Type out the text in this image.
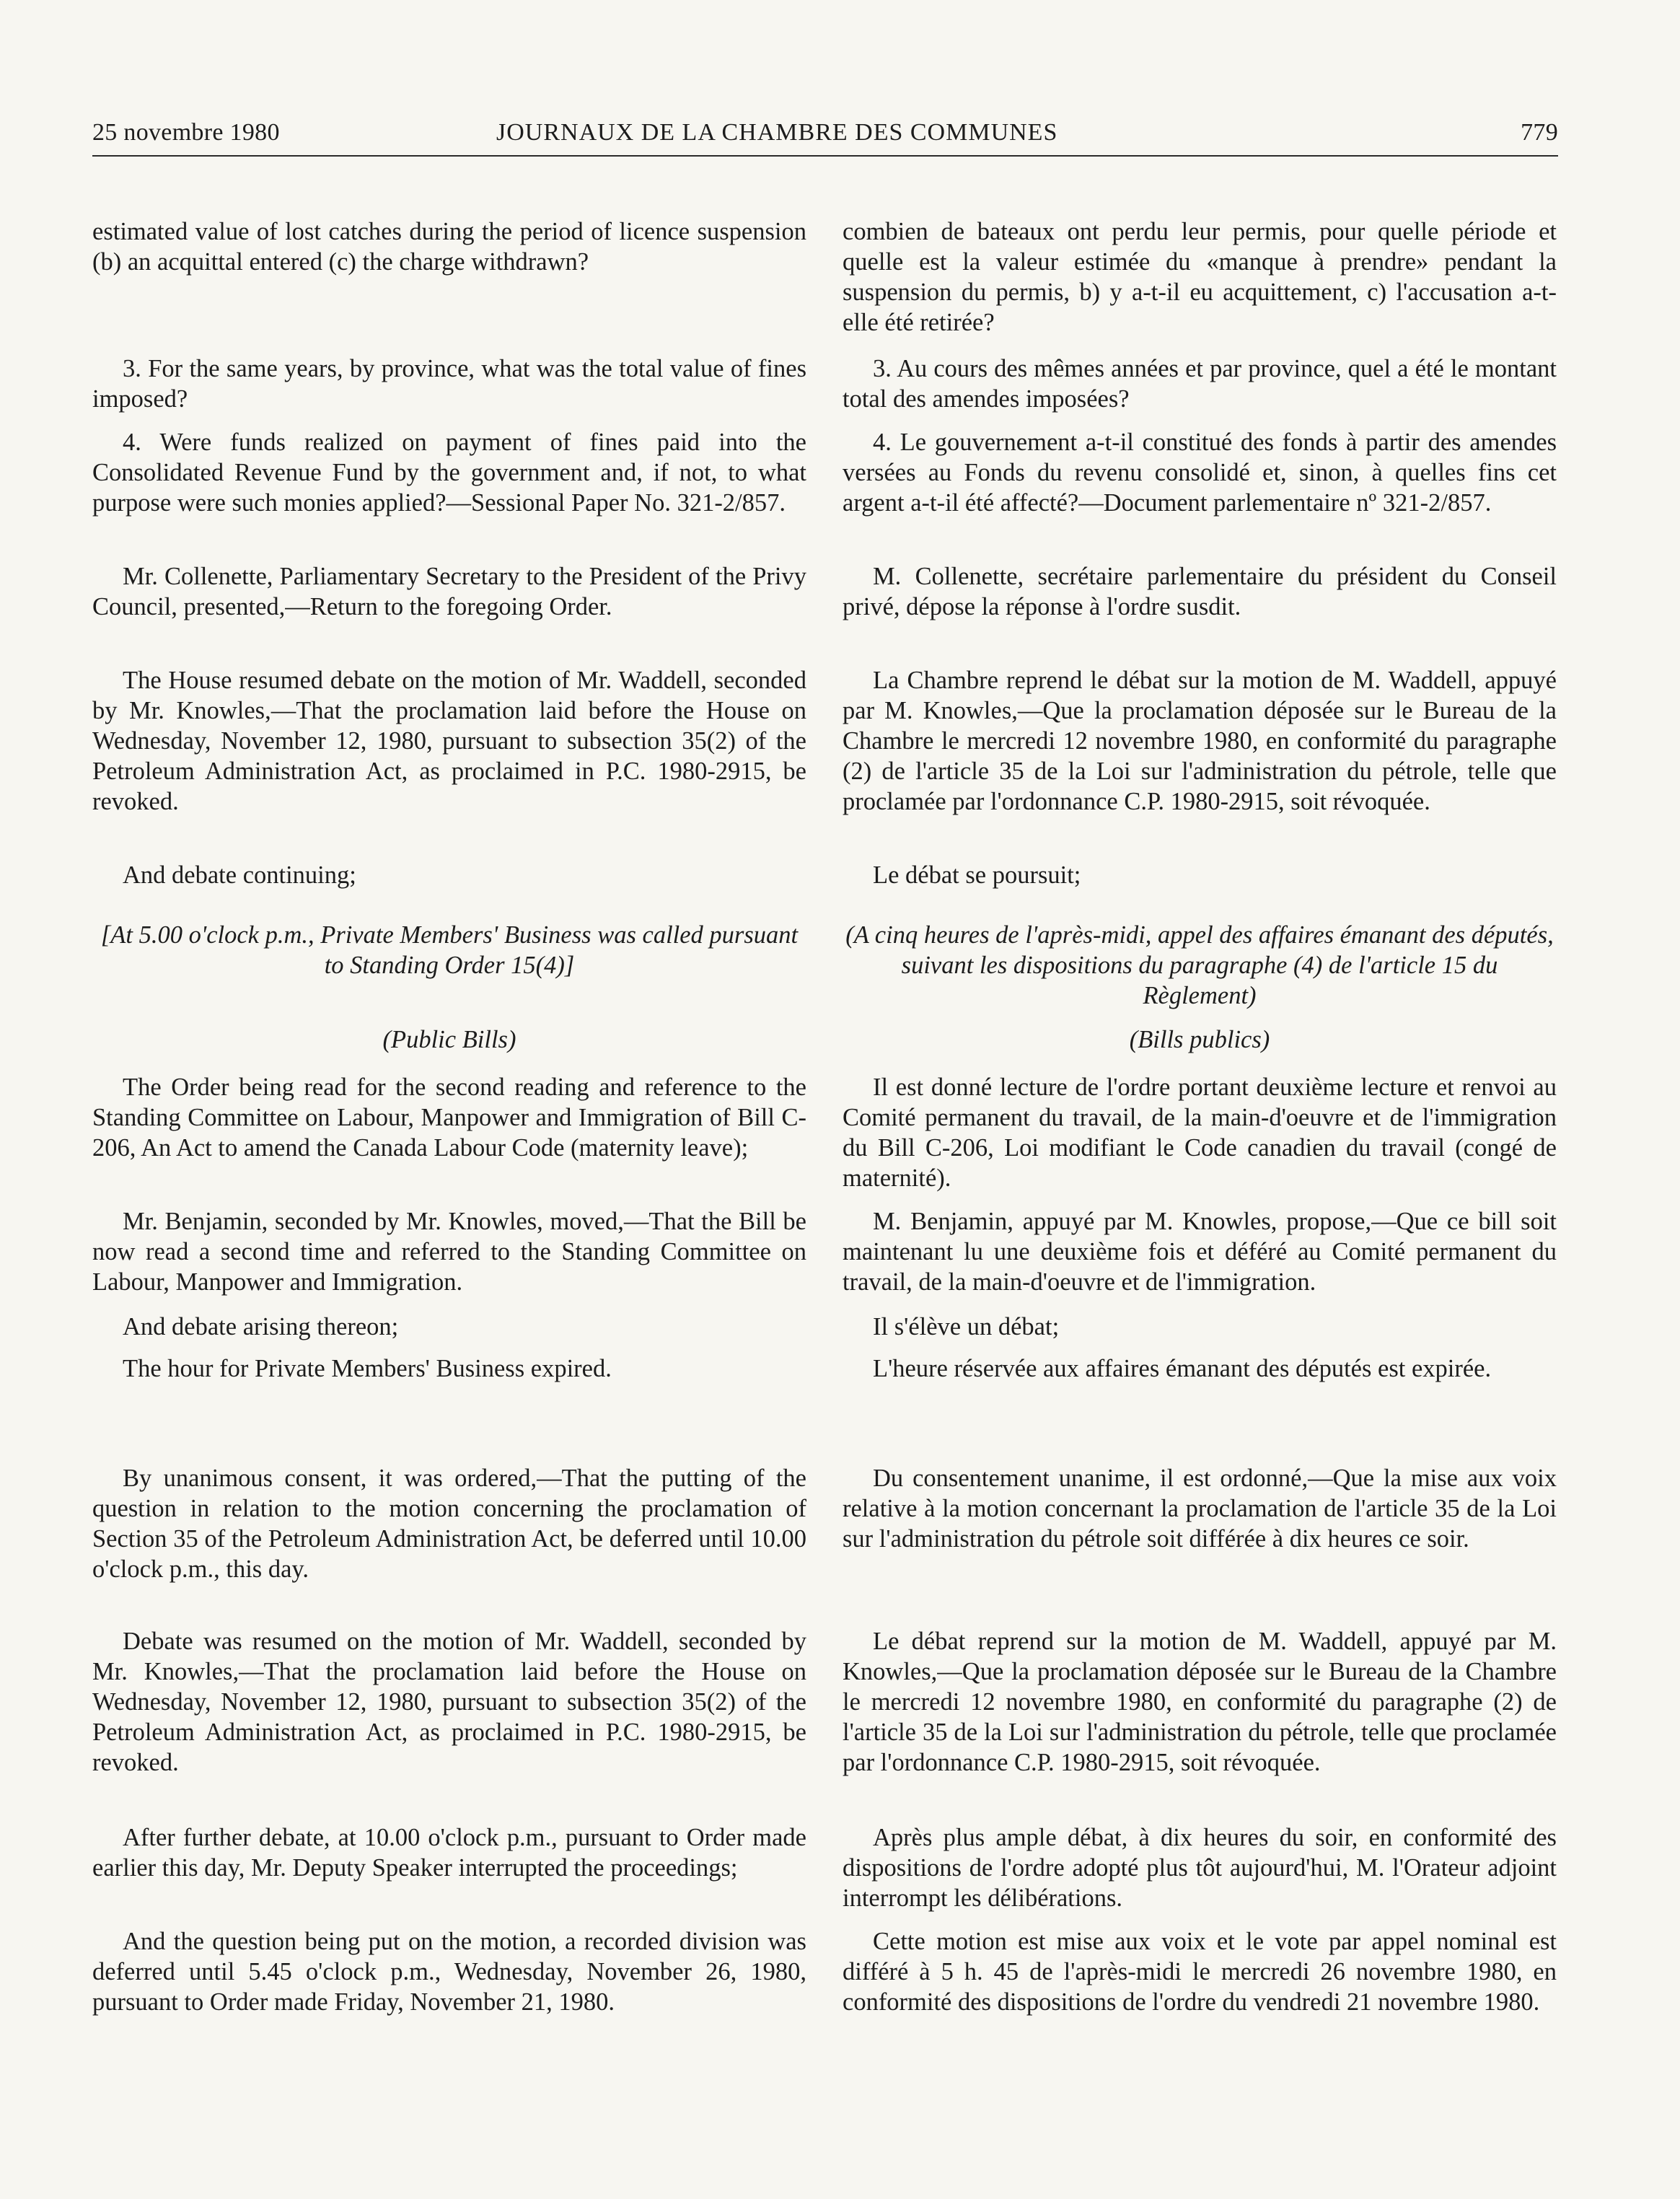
25 novembre 1980	JOURNAUX DE LA CHAMBRE DES COMMUNES	779

estimated value of lost catches during the period of licence suspension (b) an acquittal entered (c) the charge withdrawn?

3. For the same years, by province, what was the total value of fines imposed?

4. Were funds realized on payment of fines paid into the Consolidated Revenue Fund by the government and, if not, to what purpose were such monies applied?—Sessional Paper No. 321-2/857.

Mr. Collenette, Parliamentary Secretary to the President of the Privy Council, presented,—Return to the foregoing Order.

The House resumed debate on the motion of Mr. Waddell, seconded by Mr. Knowles,—That the proclamation laid before the House on Wednesday, November 12, 1980, pursuant to subsection 35(2) of the Petroleum Administration Act, as proclaimed in P.C. 1980-2915, be revoked.

And debate continuing;

[At 5.00 o'clock p.m., Private Members' Business was called pursuant to Standing Order 15(4)]

(Public Bills)

The Order being read for the second reading and reference to the Standing Committee on Labour, Manpower and Immigration of Bill C-206, An Act to amend the Canada Labour Code (maternity leave);

Mr. Benjamin, seconded by Mr. Knowles, moved,—That the Bill be now read a second time and referred to the Standing Committee on Labour, Manpower and Immigration.

And debate arising thereon;

The hour for Private Members' Business expired.

By unanimous consent, it was ordered,—That the putting of the question in relation to the motion concerning the proclamation of Section 35 of the Petroleum Administration Act, be deferred until 10.00 o'clock p.m., this day.

Debate was resumed on the motion of Mr. Waddell, seconded by Mr. Knowles,—That the proclamation laid before the House on Wednesday, November 12, 1980, pursuant to subsection 35(2) of the Petroleum Administration Act, as proclaimed in P.C. 1980-2915, be revoked.

After further debate, at 10.00 o'clock p.m., pursuant to Order made earlier this day, Mr. Deputy Speaker interrupted the proceedings;

And the question being put on the motion, a recorded division was deferred until 5.45 o'clock p.m., Wednesday, November 26, 1980, pursuant to Order made Friday, November 21, 1980.

combien de bateaux ont perdu leur permis, pour quelle période et quelle est la valeur estimée du «manque à prendre» pendant la suspension du permis, b) y a-t-il eu acquittement, c) l'accusation a-t-elle été retirée?

3. Au cours des mêmes années et par province, quel a été le montant total des amendes imposées?

4. Le gouvernement a-t-il constitué des fonds à partir des amendes versées au Fonds du revenu consolidé et, sinon, à quelles fins cet argent a-t-il été affecté?—Document parlementaire nº 321-2/857.

M. Collenette, secrétaire parlementaire du président du Conseil privé, dépose la réponse à l'ordre susdit.

La Chambre reprend le débat sur la motion de M. Waddell, appuyé par M. Knowles,—Que la proclamation déposée sur le Bureau de la Chambre le mercredi 12 novembre 1980, en conformité du paragraphe (2) de l'article 35 de la Loi sur l'administration du pétrole, telle que proclamée par l'ordonnance C.P. 1980-2915, soit révoquée.

Le débat se poursuit;

(A cinq heures de l'après-midi, appel des affaires émanant des députés, suivant les dispositions du paragraphe (4) de l'article 15 du Règlement)

(Bills publics)

Il est donné lecture de l'ordre portant deuxième lecture et renvoi au Comité permanent du travail, de la main-d'oeuvre et de l'immigration du Bill C-206, Loi modifiant le Code canadien du travail (congé de maternité).

M. Benjamin, appuyé par M. Knowles, propose,—Que ce bill soit maintenant lu une deuxième fois et déféré au Comité permanent du travail, de la main-d'oeuvre et de l'immigration.

Il s'élève un débat;

L'heure réservée aux affaires émanant des députés est expirée.

Du consentement unanime, il est ordonné,—Que la mise aux voix relative à la motion concernant la proclamation de l'article 35 de la Loi sur l'administration du pétrole soit différée à dix heures ce soir.

Le débat reprend sur la motion de M. Waddell, appuyé par M. Knowles,—Que la proclamation déposée sur le Bureau de la Chambre le mercredi 12 novembre 1980, en conformité du paragraphe (2) de l'article 35 de la Loi sur l'administration du pétrole, telle que proclamée par l'ordonnance C.P. 1980-2915, soit révoquée.

Après plus ample débat, à dix heures du soir, en conformité des dispositions de l'ordre adopté plus tôt aujourd'hui, M. l'Orateur adjoint interrompt les délibérations.

Cette motion est mise aux voix et le vote par appel nominal est différé à 5 h. 45 de l'après-midi le mercredi 26 novembre 1980, en conformité des dispositions de l'ordre du vendredi 21 novembre 1980.
